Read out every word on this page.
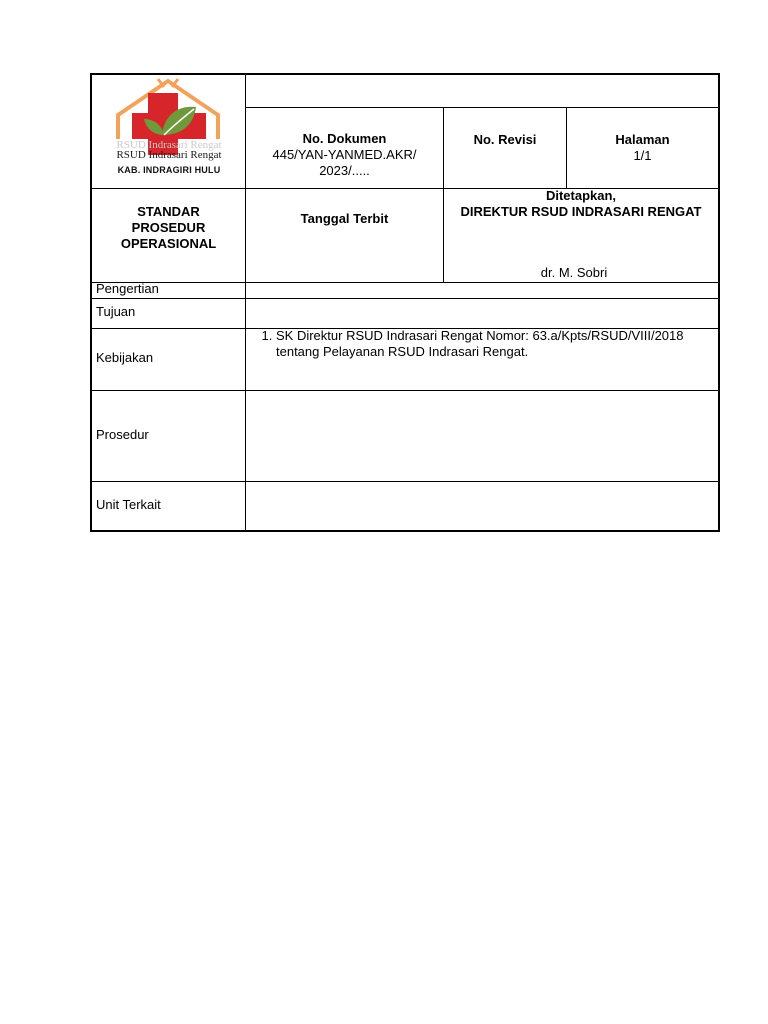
RSUD Indrasari Rengat
RSUD Indrasari Rengat
KAB. INDRAGIRI HULU
No. Dokumen
445/YAN-YANMED.AKR/
2023/.....
No. Revisi	Halaman
1/1
STANDAR
PROSEDUR
OPERASIONAL
Tanggal Terbit
Ditetapkan,
DIREKTUR RSUD INDRASARI RENGAT
dr. M. Sobri
Pengertian
Tujuan
Kebijakan
1. SK Direktur RSUD Indrasari Rengat Nomor: 63.a/Kpts/RSUD/VIII/2018 tentang Pelayanan RSUD Indrasari Rengat.
Prosedur
Unit Terkait
